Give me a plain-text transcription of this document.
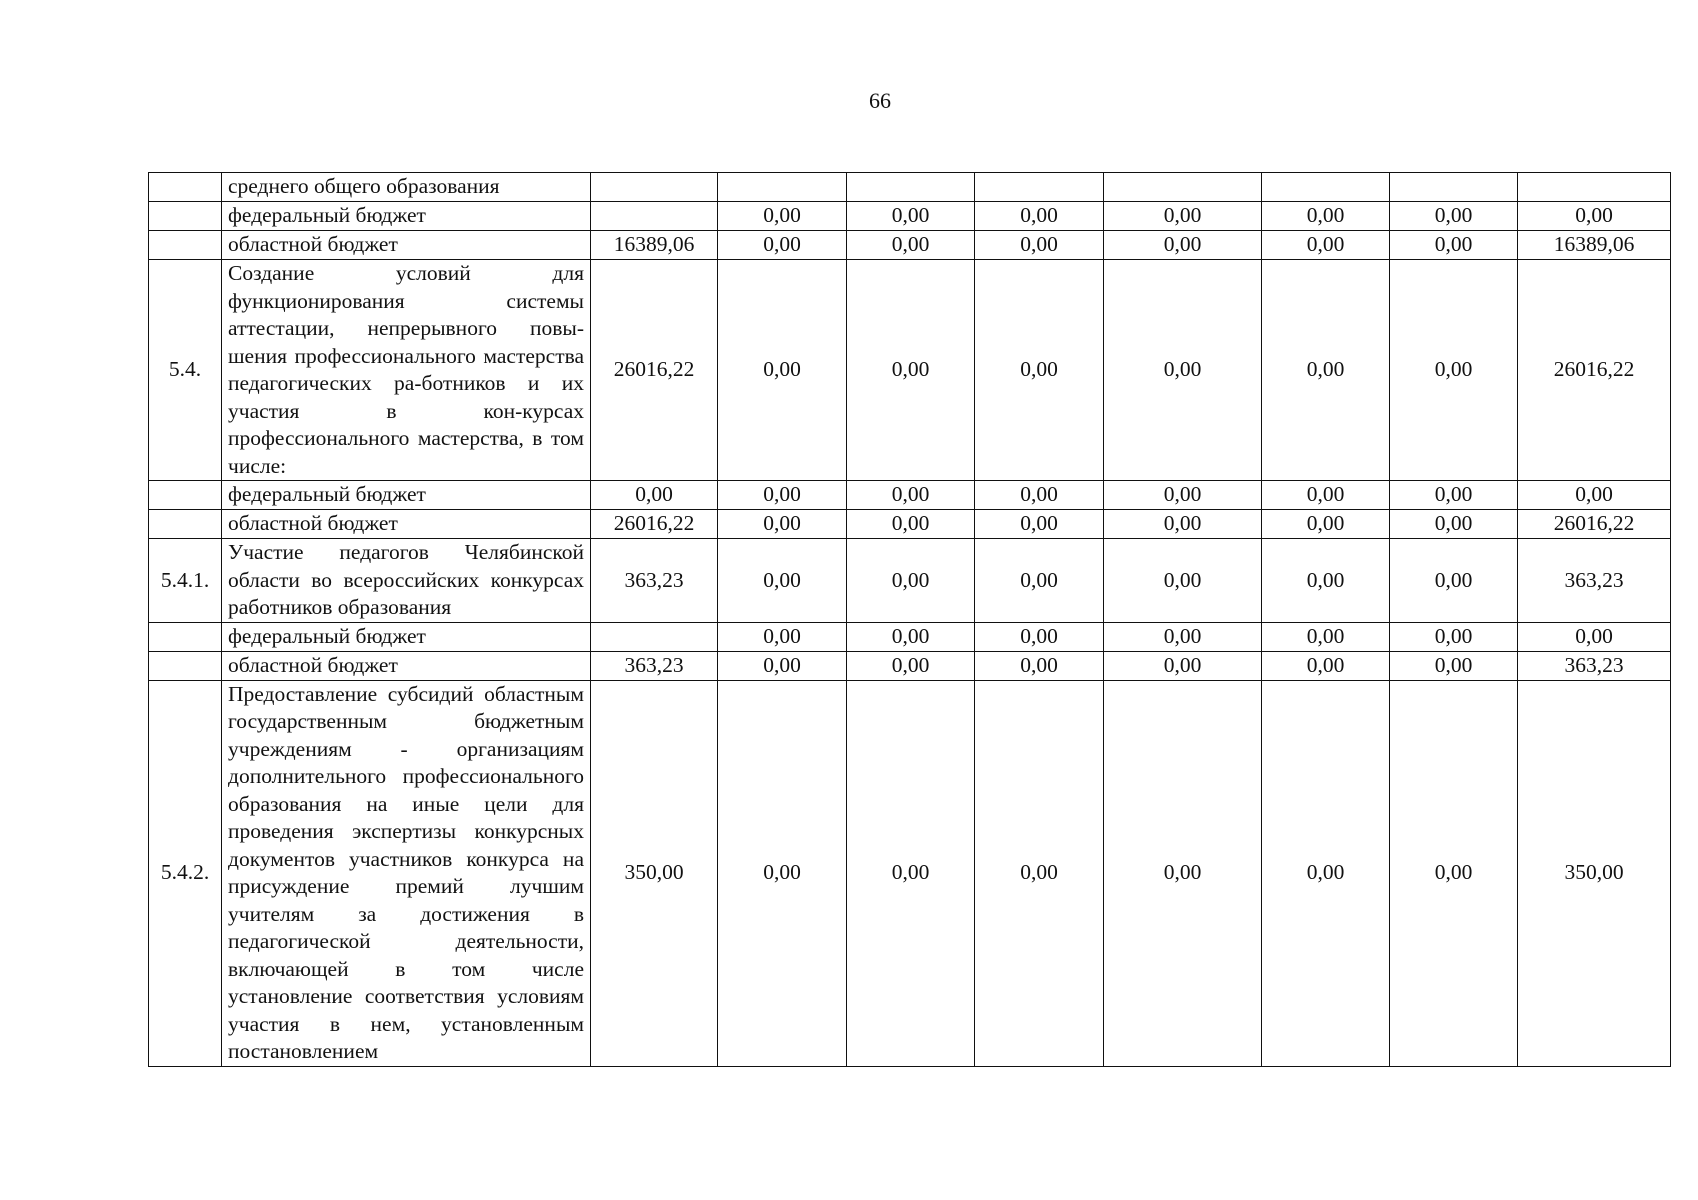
66
	среднего общего образования								
	федеральный бюджет		0,00	0,00	0,00	0,00	0,00	0,00	0,00
	областной бюджет	16389,06	0,00	0,00	0,00	0,00	0,00	0,00	16389,06
5.4.	Создание условий для функционирования системы аттестации, непрерывного повы-шения профессионального мастерства педагогических ра-ботников и их участия в кон-курсах профессионального мастерства, в том числе:	26016,22	0,00	0,00	0,00	0,00	0,00	0,00	26016,22
	федеральный бюджет	0,00	0,00	0,00	0,00	0,00	0,00	0,00	0,00
	областной бюджет	26016,22	0,00	0,00	0,00	0,00	0,00	0,00	26016,22
5.4.1.	Участие педагогов Челябинской области во всероссийских конкурсах работников образования	363,23	0,00	0,00	0,00	0,00	0,00	0,00	363,23
	федеральный бюджет		0,00	0,00	0,00	0,00	0,00	0,00	0,00
	областной бюджет	363,23	0,00	0,00	0,00	0,00	0,00	0,00	363,23
5.4.2.	Предоставление субсидий областным государственным бюджетным учреждениям - организациям дополнительного профессионального образования на иные цели для проведения экспертизы конкурсных документов участников конкурса на присуждение премий лучшим учителям за достижения в педагогической деятельности, включающей в том числе установление соответствия условиям участия в нем, установленным постановлением	350,00	0,00	0,00	0,00	0,00	0,00	0,00	350,00
